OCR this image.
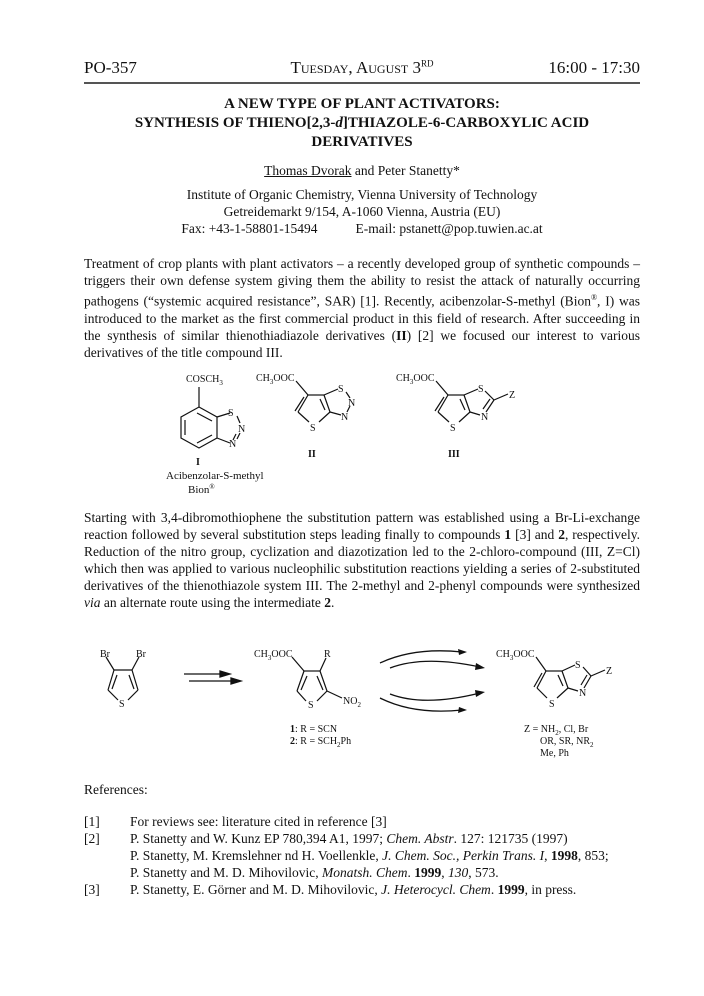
PO-357	Tuesday, August 3RD	16:00 - 17:30
A NEW TYPE OF PLANT ACTIVATORS:
SYNTHESIS OF THIENO[2,3-d]THIAZOLE-6-CARBOXYLIC ACID
DERIVATIVES
Thomas Dvorak and Peter Stanetty*
Institute of Organic Chemistry, Vienna University of Technology
Getreidemarkt 9/154, A-1060 Vienna, Austria (EU)
Fax: +43-1-58801-15494	E-mail: pstanett@pop.tuwien.ac.at
Treatment of crop plants with plant activators – a recently developed group of synthetic compounds – triggers their own defense system giving them the ability to resist the attack of naturally occurring pathogens (“systemic acquired resistance”, SAR) [1]. Recently, acibenzolar-S-methyl (Bion®, I) was introduced to the market as the first commercial product in this field of research. After succeeding in the synthesis of similar thienothiadiazole derivatives (II) [2] we focused our interest to various derivatives of the title compound III.
$COSCH_3$
S
N
N
I
Acibenzolar-S-methyl
Bion®
$CH_3OOC$
S
N
N
S
II
$CH_3OOC$
S
Z
N
S
III
Starting with 3,4-dibromothiophene the substitution pattern was established using a Br-Li-exchange reaction followed by several substitution steps leading finally to compounds 1 [3] and 2, respectively. Reduction of the nitro group, cyclization and diazotization led to the 2-chloro-compound (III, Z=Cl) which then was applied to various nucleophilic substitution reactions yielding a series of 2-substituted derivatives of the thienothiazole system III. The 2-methyl and 2-phenyl compounds were synthesized via an alternate route using the intermediate 2.
Br	Br
S
$CH_3OOC$	R
$NO_2$
S
1: R = SCN
2: $R = SCH_2Ph$
$CH_3OOC$
S
Z
N
S
$Z = NH_2$, Cl, Br
OR, SR, $NR_2$
Me, Ph
References:
[1]	For reviews see: literature cited in reference [3]
[2]	P. Stanetty and W. Kunz EP 780,394 A1, 1997; Chem. Abstr. 127: 121735 (1997)
P. Stanetty, M. Kremslehner nd H. Voellenkle, J. Chem. Soc., Perkin Trans. I, 1998, 853;
P. Stanetty and M. D. Mihovilovic, Monatsh. Chem. 1999, 130, 573.
[3]	P. Stanetty, E. Görner and M. D. Mihovilovic, J. Heterocycl. Chem. 1999, in press.
